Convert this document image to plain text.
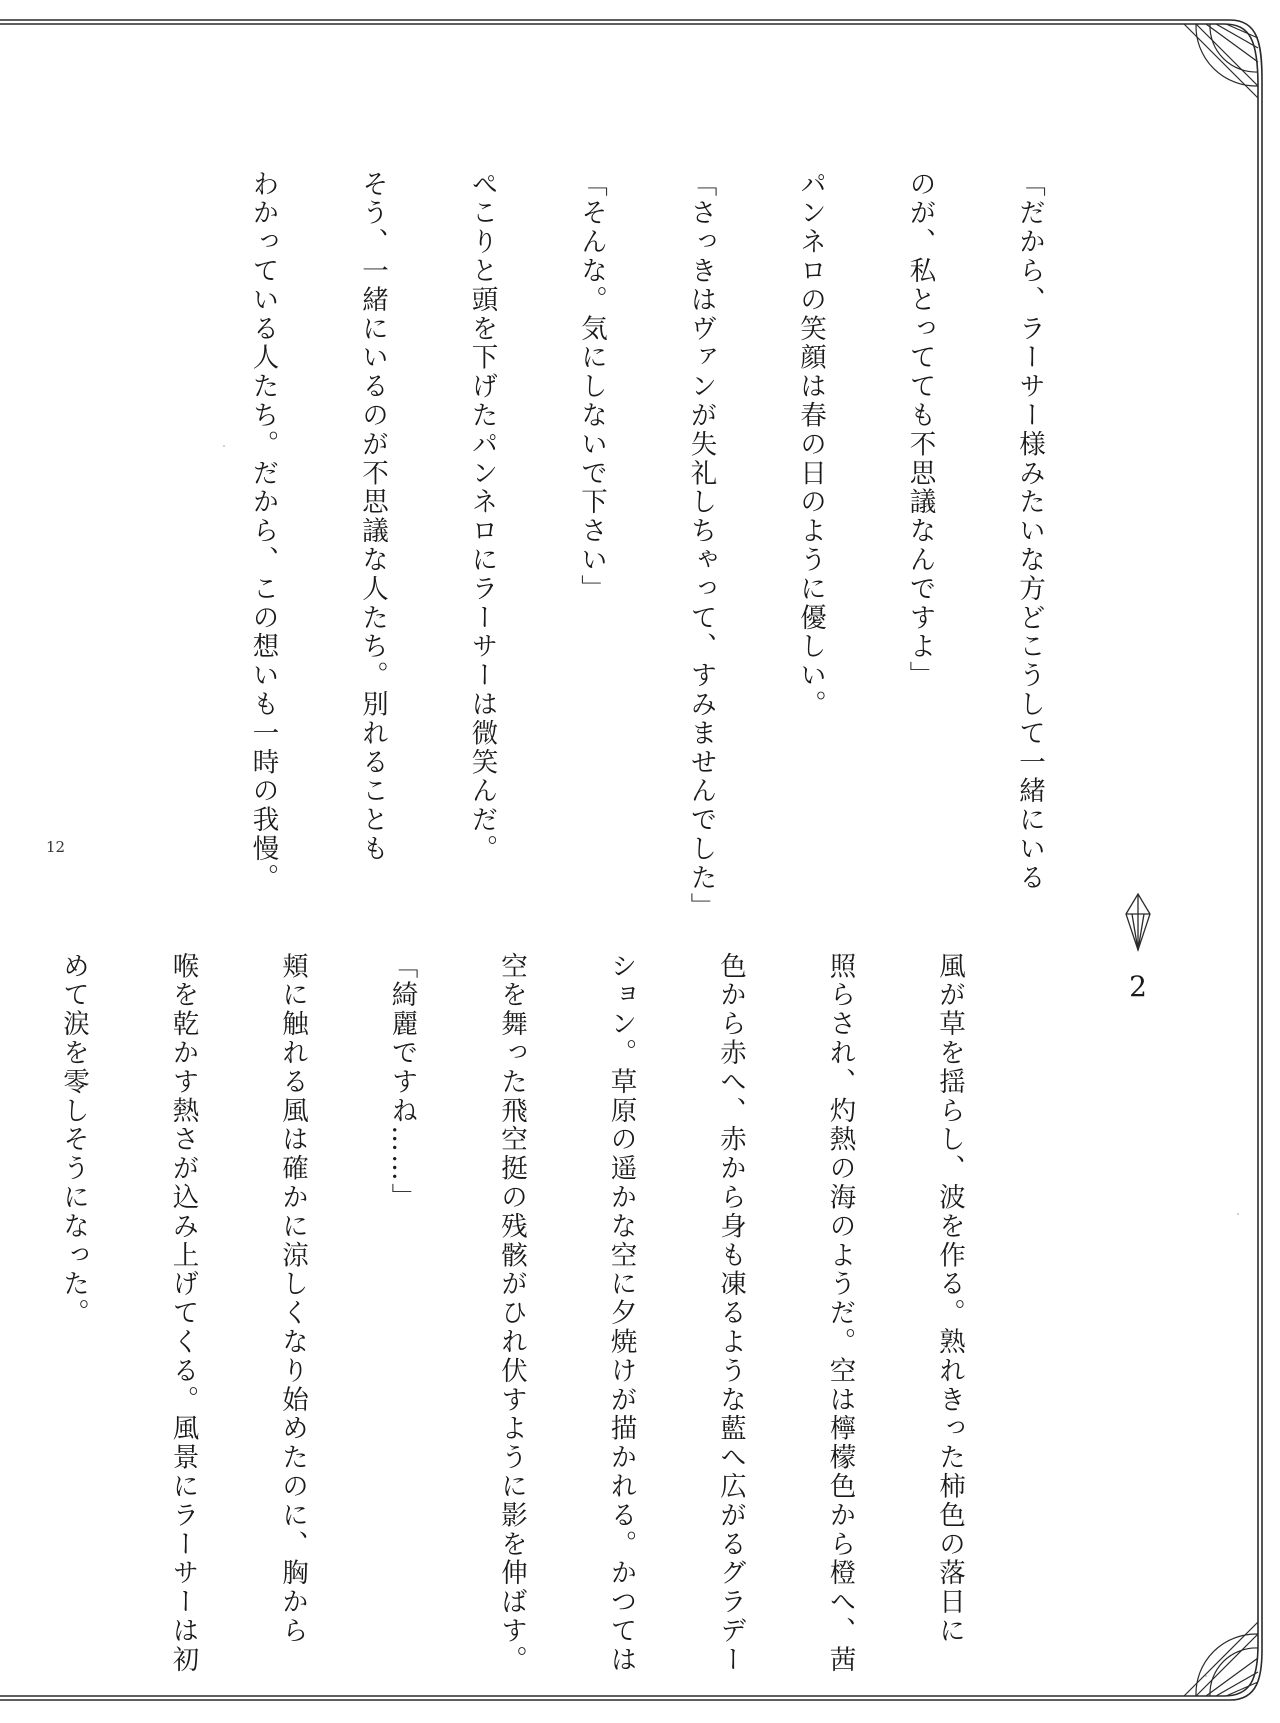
「だから、ラーサー様みたいな方どこうして一緒にいる

のが、私とってても不思議なんですよ」

パンネロの笑顔は春の日のように優しい。

「さっきはヴァンが失礼しちゃって、すみませんでした」

「そんな。気にしないで下さい」

ぺこりと頭を下げたパンネロにラーサーは微笑んだ。

そう、一緒にいるのが不思議な人たち。別れることも

わかっている人たち。だから、この想いも一時の我慢。

2

風が草を揺らし、波を作る。熟れきった柿色の落日に

照らされ、灼熱の海のようだ。空は檸檬色から橙へ、茜

色から赤へ、赤から身も凍るような藍へ広がるグラデー

ション。草原の遥かな空に夕焼けが描かれる。かつては

空を舞った飛空挺の残骸がひれ伏すように影を伸ばす。

「綺麗ですね……」

頬に触れる風は確かに涼しくなり始めたのに、胸から

喉を乾かす熱さが込み上げてくる。風景にラーサーは初

めて涙を零しそうになった。

12
